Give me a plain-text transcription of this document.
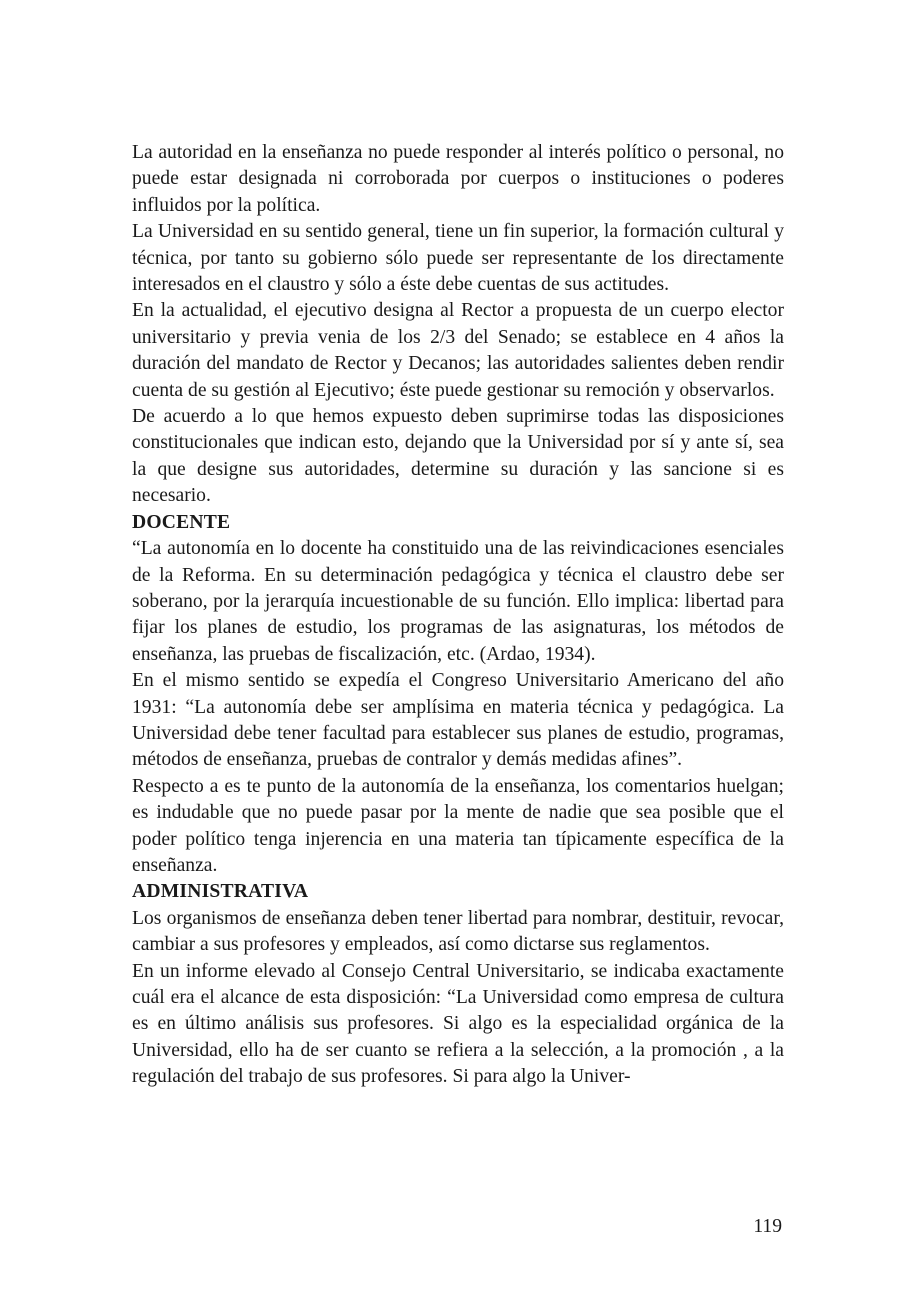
La autoridad en la enseñanza no puede responder al interés político o personal, no puede estar designada ni corroborada por cuerpos o instituciones o poderes influidos por la política.

La Universidad en su sentido general, tiene un fin superior, la formación cultural y técnica, por tanto su gobierno sólo puede ser representante de los directamente interesados en el claustro y sólo a éste debe cuentas de sus actitudes.

En la actualidad, el ejecutivo designa al Rector a propuesta de un cuerpo elector universitario y previa venia de los 2/3 del Senado; se establece en 4 años la duración del mandato de Rector y Decanos; las autoridades salientes deben rendir cuenta de su gestión al Ejecutivo; éste puede gestionar su remoción y observarlos.

De acuerdo a lo que hemos expuesto deben suprimirse todas las disposiciones constitucionales que indican esto, dejando que la Universidad por sí y ante sí, sea la que designe sus autoridades, determine su duración y las sancione si es necesario.

DOCENTE

“La autonomía en lo docente ha constituido una de las reivindicaciones esenciales de la Reforma. En su determinación pedagógica y técnica el claustro debe ser soberano, por la jerarquía incuestionable de su función. Ello implica: libertad para fijar los planes de estudio, los programas de las asignaturas, los métodos de enseñanza, las pruebas de fiscalización, etc. (Ardao, 1934).

En el mismo sentido se expedía el Congreso Universitario Americano del año 1931: “La autonomía debe ser amplísima en materia técnica y pedagógica. La Universidad debe tener facultad para establecer sus planes de estudio, programas, métodos de enseñanza, pruebas de contralor y demás medidas afines”.

Respecto a es te punto de la autonomía de la enseñanza, los comentarios huelgan; es indudable que no puede pasar por la mente de nadie que sea posible que el poder político tenga injerencia en una materia tan típicamente específica de la enseñanza.

ADMINISTRATIVA

Los organismos de enseñanza deben tener libertad para nombrar, destituir, revocar, cambiar a sus profesores y empleados, así como dictarse sus reglamentos.

En un informe elevado al Consejo Central Universitario, se indicaba exactamente cuál era el alcance de esta disposición: “La Universidad como empresa de cultura es en último análisis sus profesores. Si algo es la especialidad orgánica de la Universidad, ello ha de ser cuanto se refiera a la selección, a la promoción , a la regulación del trabajo de sus profesores. Si para algo la Univer-

119
